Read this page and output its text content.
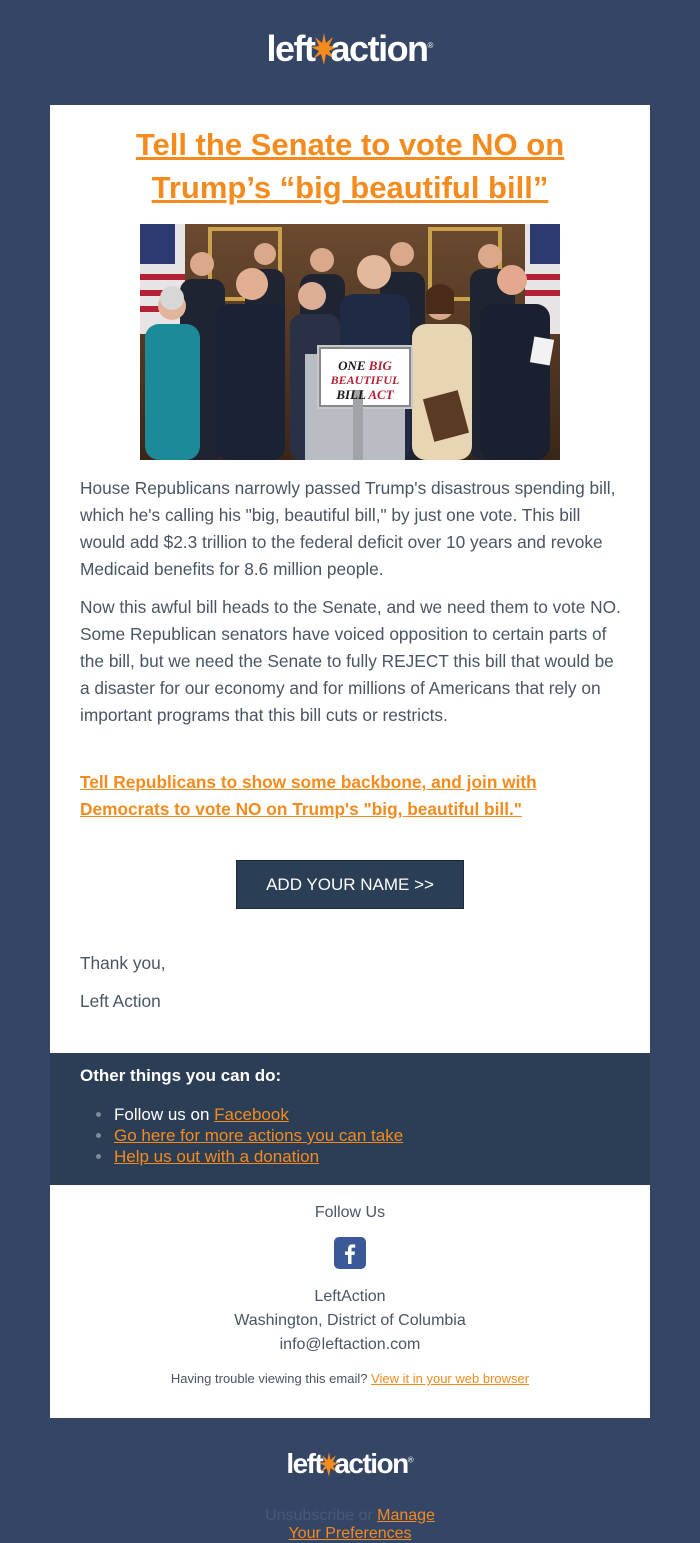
left action®
Tell the Senate to vote NO on
Trump’s “big beautiful bill”
ONE BIG
BEAUTIFUL
BILL ACT

House Republicans narrowly passed Trump's disastrous spending bill, which he's calling his "big, beautiful bill," by just one vote. This bill would add $2.3 trillion to the federal deficit over 10 years and revoke Medicaid benefits for 8.6 million people.

Now this awful bill heads to the Senate, and we need them to vote NO. Some Republican senators have voiced opposition to certain parts of the bill, but we need the Senate to fully REJECT this bill that would be a disaster for our economy and for millions of Americans that rely on important programs that this bill cuts or restricts.

Tell Republicans to show some backbone, and join with Democrats to vote NO on Trump's "big, beautiful bill."

ADD YOUR NAME >>

Thank you,

Left Action

Other things you can do:
Follow us on Facebook
Go here for more actions you can take
Help us out with a donation
Follow Us
LeftAction
Washington, District of Columbia
info@leftaction.com
Having trouble viewing this email? View it in your web browser
left action®
Unsubscribe or Manage
Your Preferences
